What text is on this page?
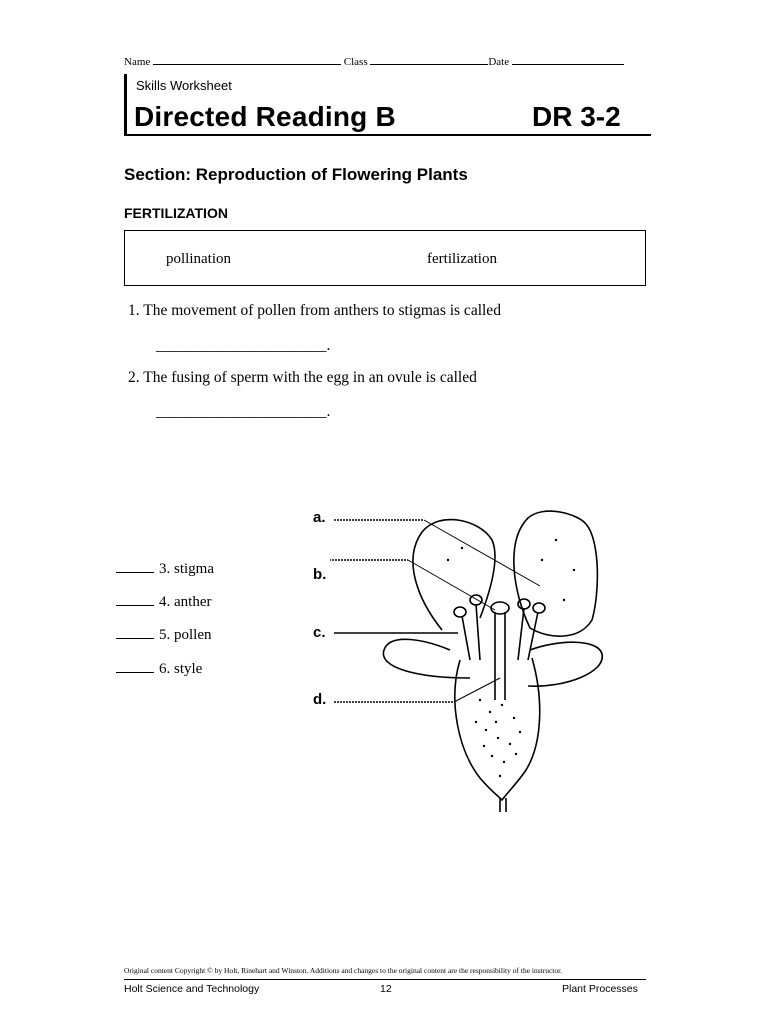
Name	Class	Date
Skills Worksheet
Directed Reading B	DR 3-2
Section: Reproduction of Flowering Plants
FERTILIZATION
pollination	fertilization
1. The movement of pollen from anthers to stigmas is called
______________________.
2. The fusing of sperm with the egg in an ovule is called
______________________.
3. stigma
4. anther
5. pollen
6. style
a.
b.
c.
d.
Original content Copyright © by Holt, Rinehart and Winston. Additions and changes to the original content are the responsibility of the instructor.
Holt Science and Technology	12	Plant Processes
